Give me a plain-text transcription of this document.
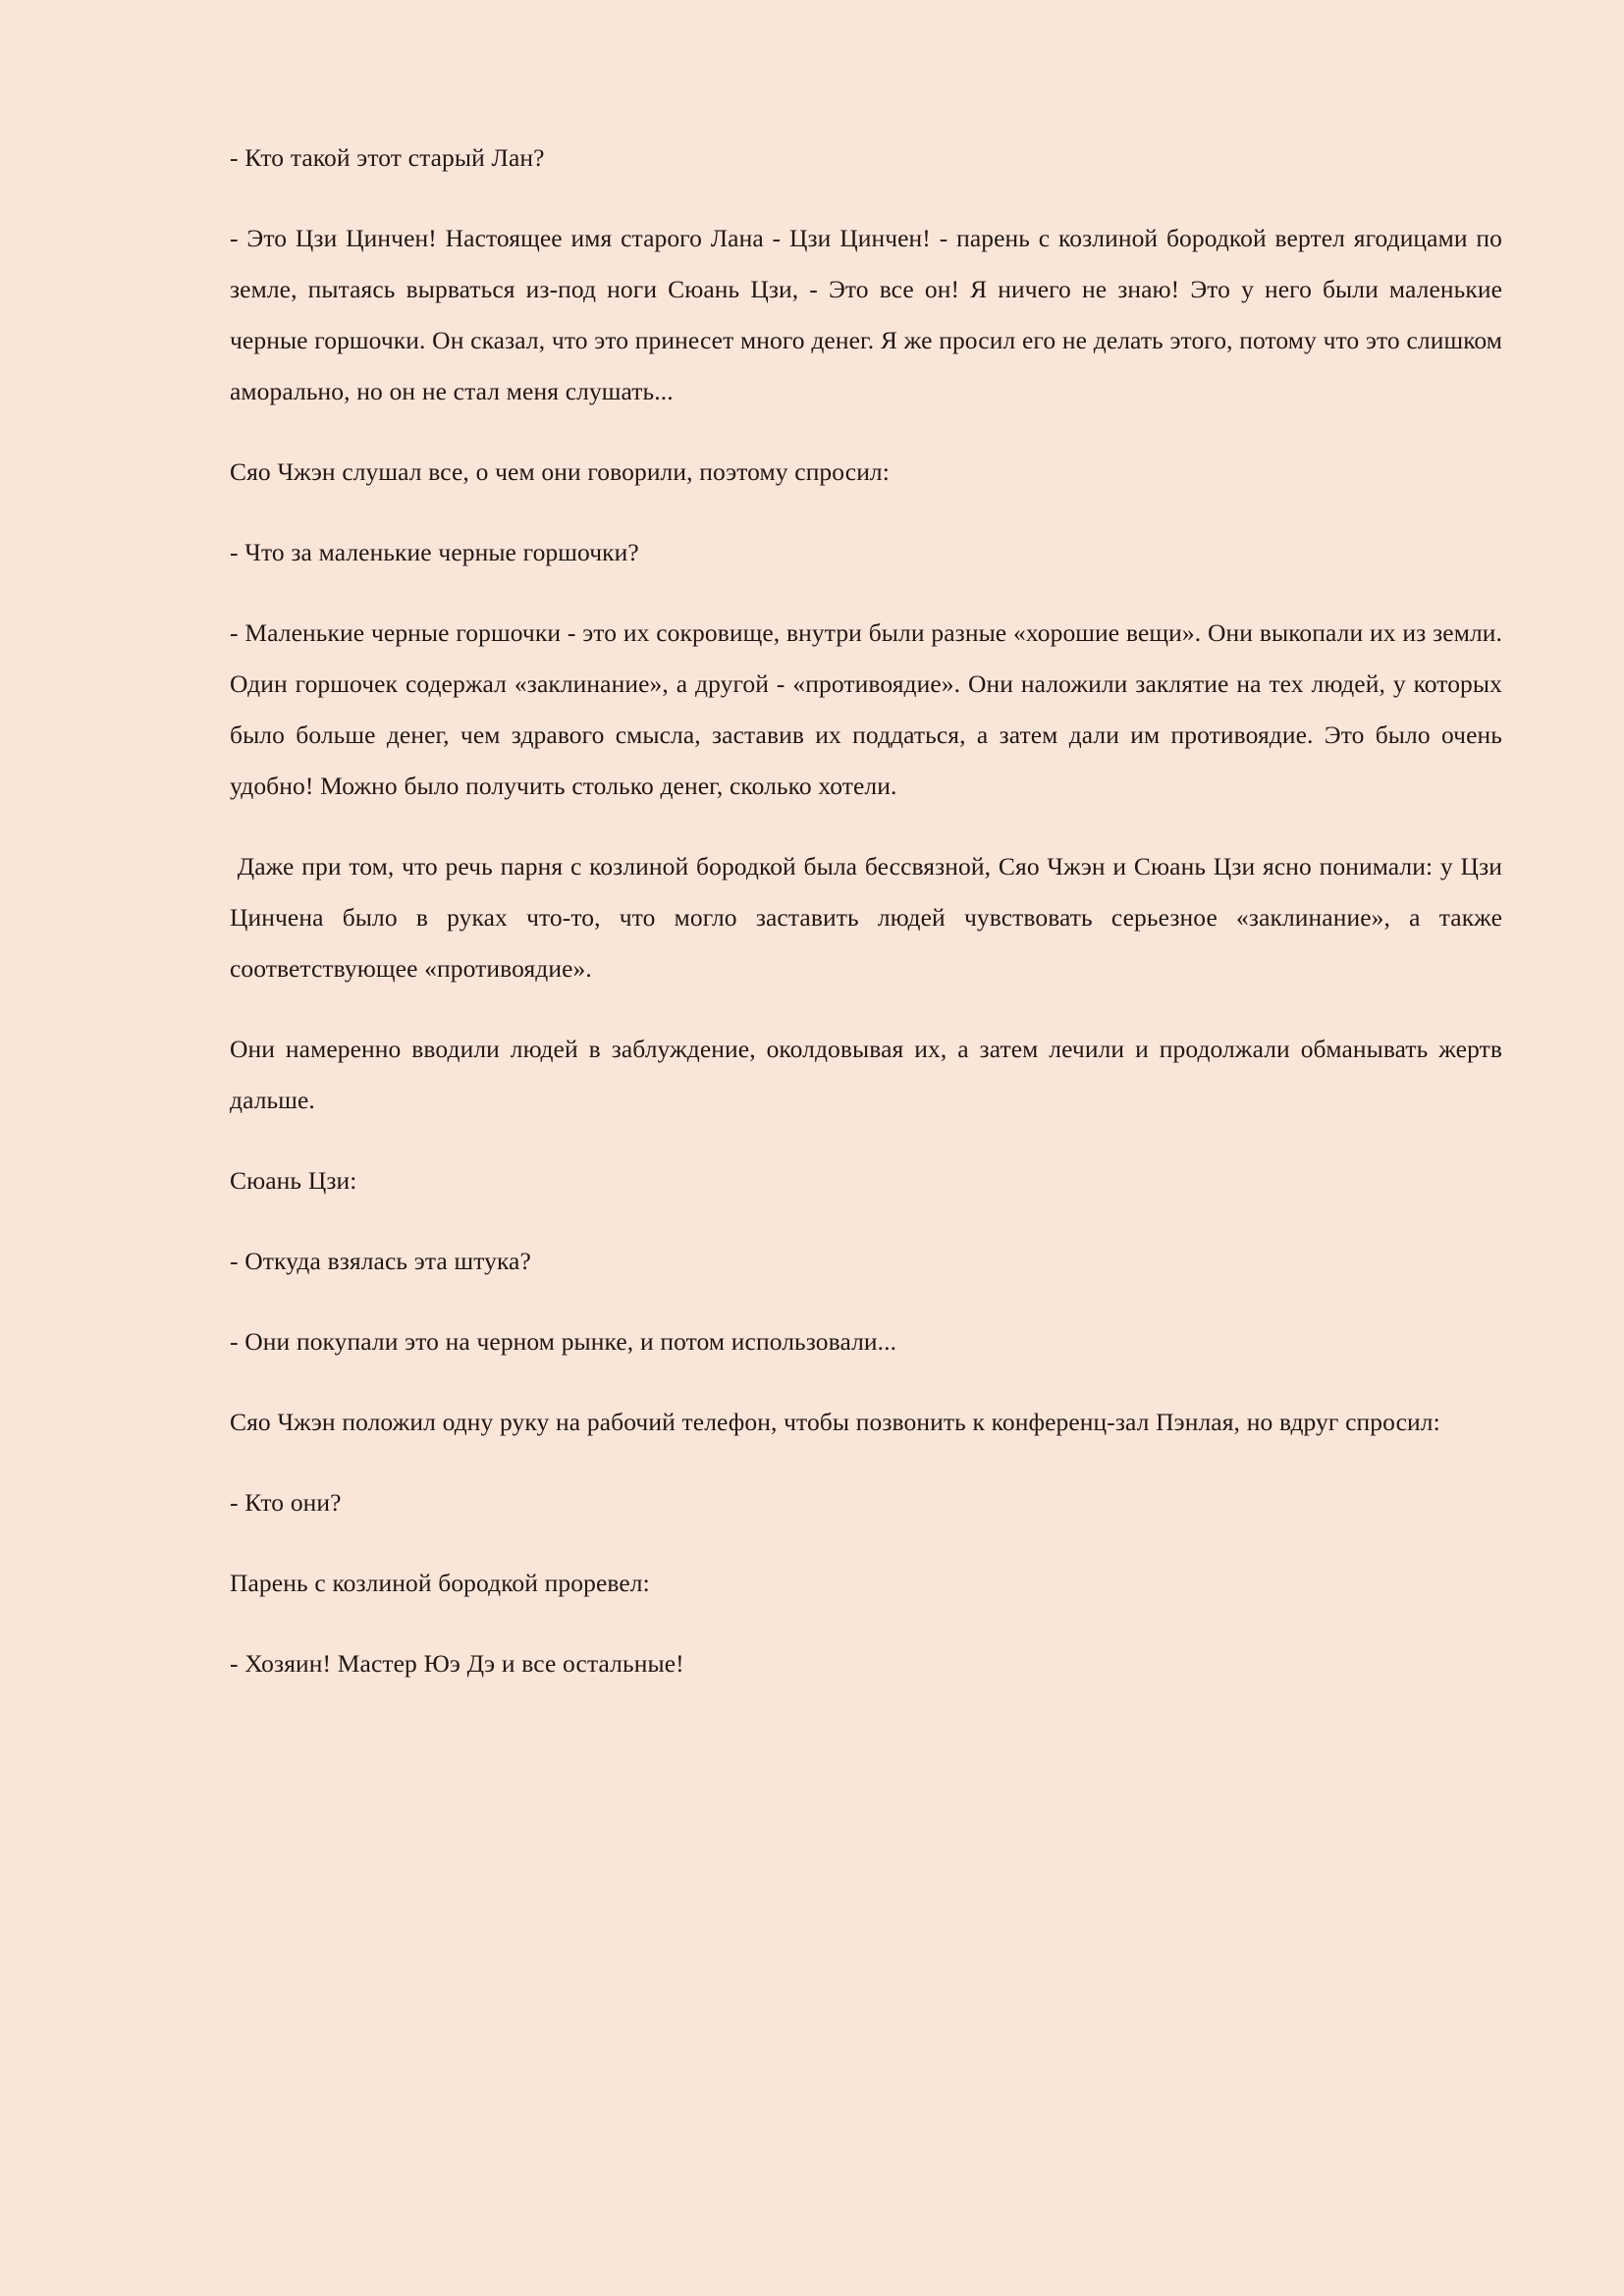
- Кто такой этот старый Лан?

- Это Цзи Цинчен! Настоящее имя старого Лана - Цзи Цинчен! - парень с козлиной бородкой вертел ягодицами по земле, пытаясь вырваться из-под ноги Сюань Цзи, - Это все он! Я ничего не знаю! Это у него были маленькие черные горшочки. Он сказал, что это принесет много денег. Я же просил его не делать этого, потому что это слишком аморально, но он не стал меня слушать...

Сяо Чжэн слушал все, о чем они говорили, поэтому спросил:

- Что за маленькие черные горшочки?

- Маленькие черные горшочки - это их сокровище, внутри были разные «хорошие вещи». Они выкопали их из земли. Один горшочек содержал «заклинание», а другой - «противоядие». Они наложили заклятие на тех людей, у которых было больше денег, чем здравого смысла, заставив их поддаться, а затем дали им противоядие. Это было очень удобно! Можно было получить столько денег, сколько хотели.

Даже при том, что речь парня с козлиной бородкой была бессвязной, Сяо Чжэн и Сюань Цзи ясно понимали: у Цзи Цинчена было в руках что-то, что могло заставить людей чувствовать серьезное «заклинание», а также соответствующее «противоядие».

Они намеренно вводили людей в заблуждение, околдовывая их, а затем лечили и продолжали обманывать жертв дальше.

Сюань Цзи:

- Откуда взялась эта штука?

- Они покупали это на черном рынке, и потом использовали...

Сяо Чжэн положил одну руку на рабочий телефон, чтобы позвонить к конференц-зал Пэнлая, но вдруг спросил:

- Кто они?

Парень с козлиной бородкой проревел:

- Хозяин! Мастер Юэ Дэ и все остальные!
